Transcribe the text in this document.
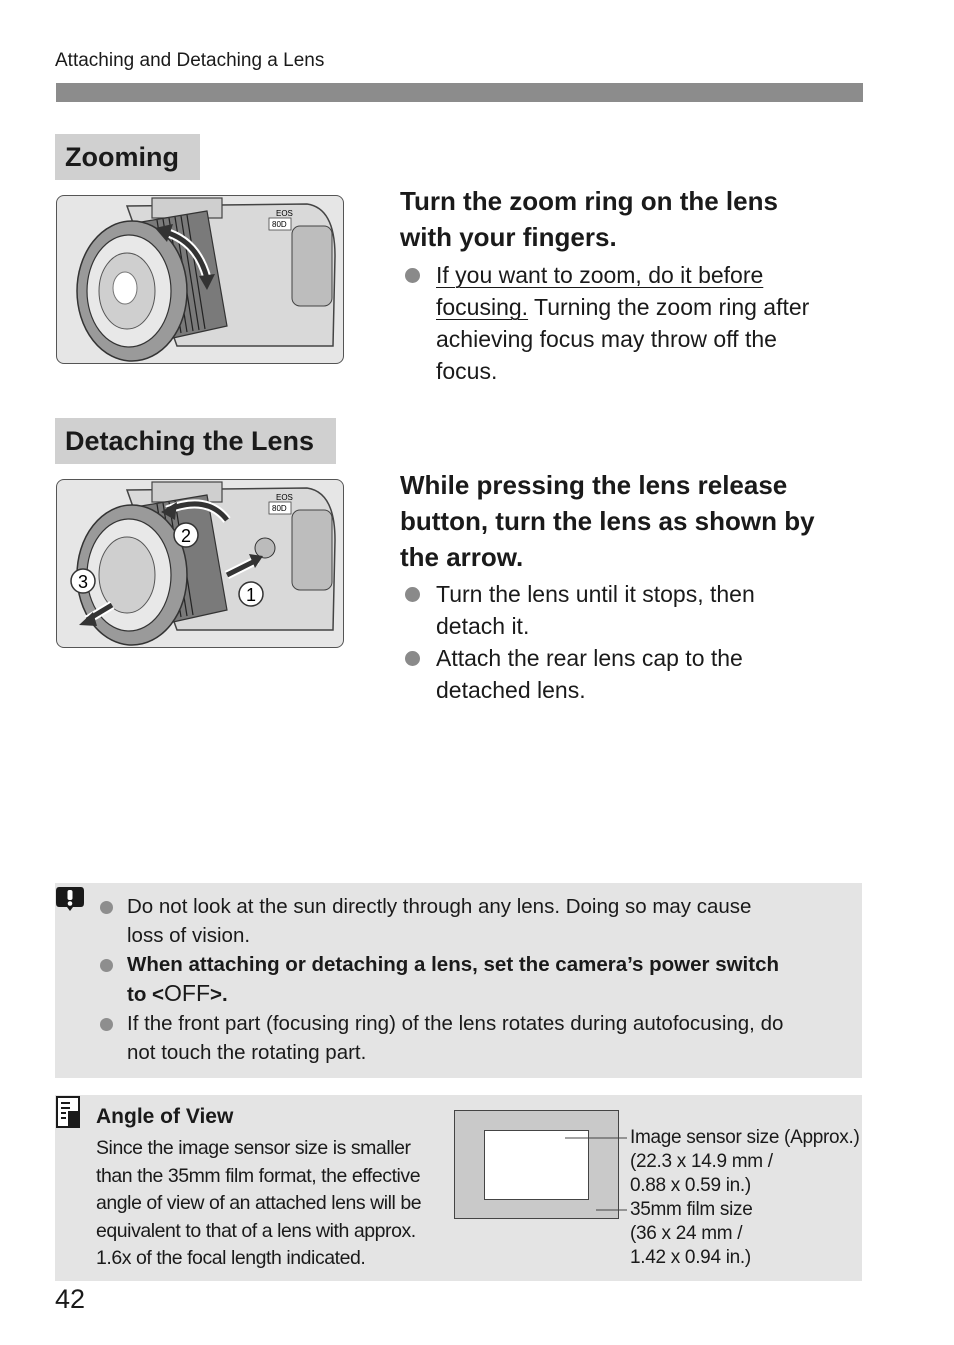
Attaching and Detaching a Lens
Zooming
EOS
80D
Turn the zoom ring on the lens
with your fingers.
If you want to zoom, do it before
focusing. Turning the zoom ring after
achieving focus may throw off the
focus.
Detaching the Lens
EOS
80D
1
2
3
While pressing the lens release
button, turn the lens as shown by
the arrow.
Turn the lens until it stops, then
detach it.
Attach the rear lens cap to the
detached lens.
Do not look at the sun directly through any lens. Doing so may cause
loss of vision.
When attaching or detaching a lens, set the camera’s power switch
to <OFF>.
If the front part (focusing ring) of the lens rotates during autofocusing, do
not touch the rotating part.
Angle of View
Since the image sensor size is smaller
than the 35mm film format, the effective
angle of view of an attached lens will be
equivalent to that of a lens with approx.
1.6x of the focal length indicated.
Image sensor size (Approx.)
(22.3 x 14.9 mm /
0.88 x 0.59 in.)
35mm film size
(36 x 24 mm /
1.42 x 0.94 in.)
42
